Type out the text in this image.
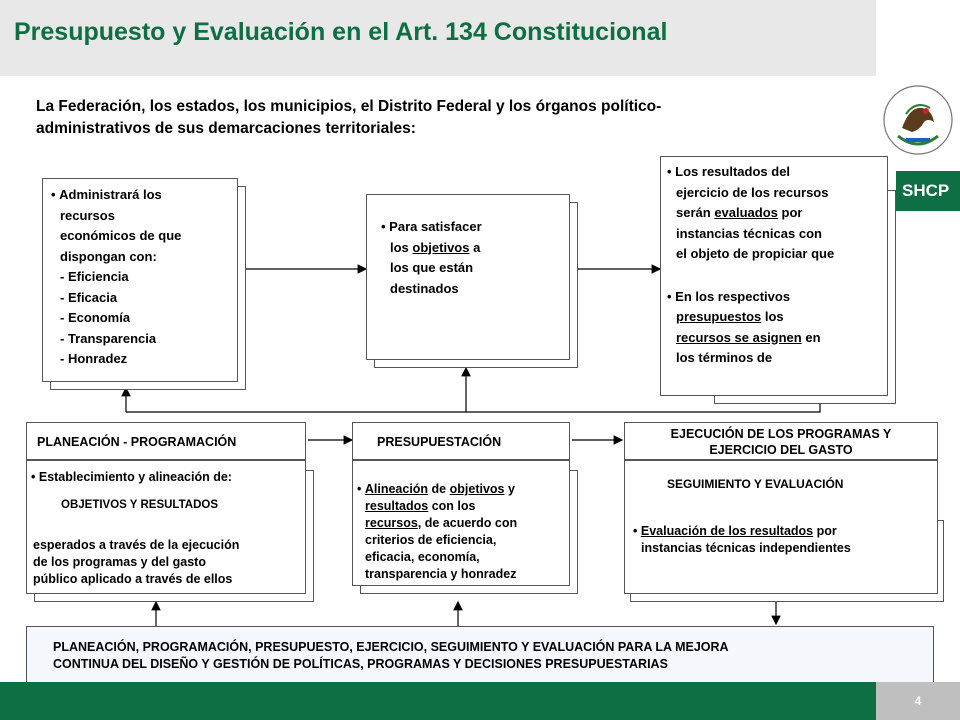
Presupuesto y Evaluación en el Art. 134 Constitucional
SHCP
La Federación, los estados, los municipios, el Distrito Federal y los órganos político-
administrativos de sus demarcaciones territoriales:
• Administrará los
recursos
económicos de que
dispongan con:
- Eficiencia
- Eficacia
- Economía
- Transparencia
- Honradez
• Para satisfacer
los objetivos a
los que están
destinados
• Los resultados del
ejercicio de los recursos
serán evaluados por
instancias técnicas con
el objeto de propiciar que
• En los respectivos
presupuestos los
recursos se asignen en
los términos de
PLANEACIÓN - PROGRAMACIÓN
• Establecimiento y alineación de:
OBJETIVOS Y RESULTADOS
esperados a través de la ejecución
de los programas y del gasto
público aplicado a través de ellos
PRESUPUESTACIÓN
• Alineación de objetivos y
resultados con los
recursos, de acuerdo con
criterios de eficiencia,
eficacia, economía,
transparencia y honradez
EJECUCIÓN DE LOS PROGRAMAS Y
EJERCICIO DEL GASTO
SEGUIMIENTO Y EVALUACIÓN
• Evaluación de los resultados por
instancias técnicas independientes
PLANEACIÓN, PROGRAMACIÓN, PRESUPUESTO, EJERCICIO, SEGUIMIENTO Y EVALUACIÓN PARA LA MEJORA
CONTINUA DEL DISEÑO Y GESTIÓN DE POLÍTICAS, PROGRAMAS Y DECISIONES PRESUPUESTARIAS
4
